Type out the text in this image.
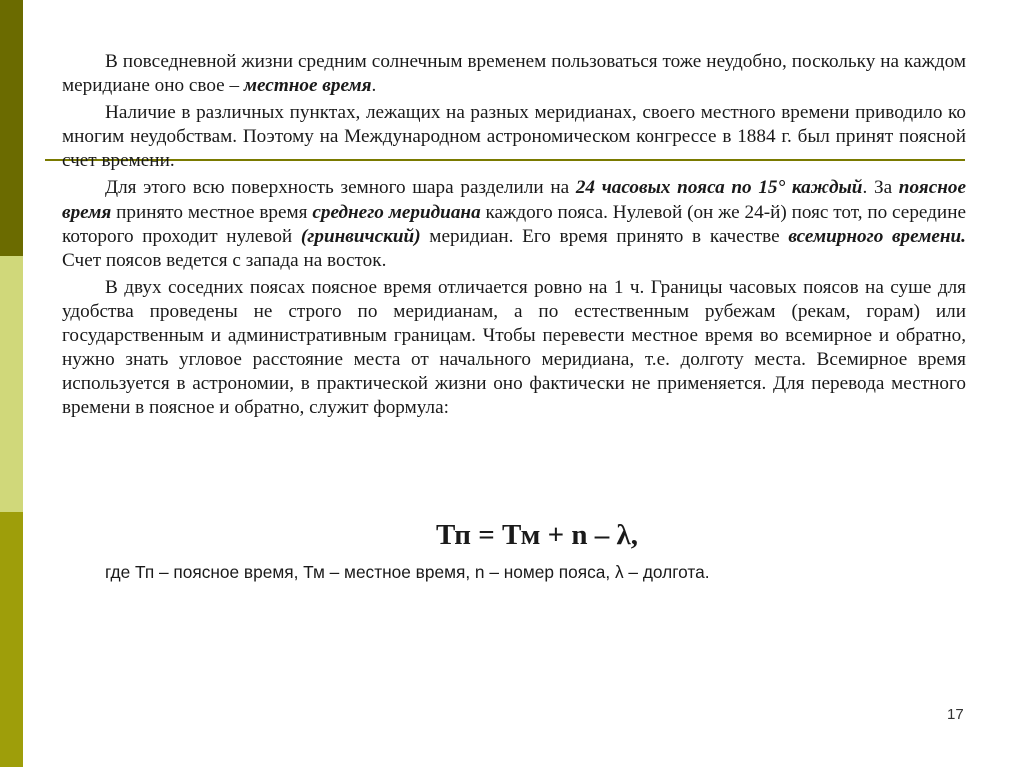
В повседневной жизни средним солнечным временем пользоваться тоже неудобно, поскольку на каждом меридиане оно свое – местное время.

Наличие в различных пунктах, лежащих на разных меридианах, своего местного времени приводило ко многим неудобствам. Поэтому на Международном астрономическом конгрессе в 1884 г. был принят поясной счет времени.

Для этого всю поверхность земного шара разделили на 24 часовых пояса по 15° каждый. За поясное время принято местное время среднего меридиана каждого пояса. Нулевой (он же 24-й) пояс тот, по середине которого проходит нулевой (гринвичский) меридиан. Его время принято в качестве всемирного времени. Счет поясов ведется с запада на восток.

В двух соседних поясах поясное время отличается ровно на 1 ч. Границы часовых поясов на суше для удобства проведены не строго по меридианам, а по естественным рубежам (рекам, горам) или государственным и административным границам. Чтобы перевести местное время во всемирное и обратно, нужно знать угловое расстояние места от начального меридиана, т.е. долготу места. Всемирное время используется в астрономии, в практической жизни оно фактически не применяется. Для перевода местного времени в поясное и обратно, служит формула:

Тп = Тм + n – λ,
где Тп – поясное время, Тм – местное время, n – номер пояса, λ – долгота.
17
